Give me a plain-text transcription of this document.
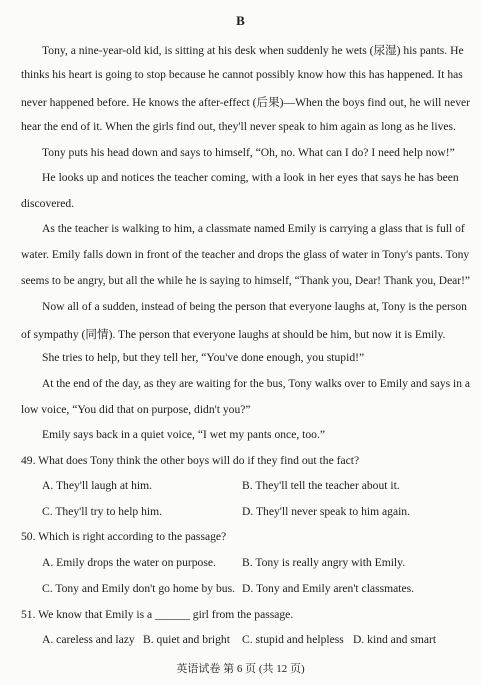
B
Tony, a nine-year-old kid, is sitting at his desk when suddenly he wets (尿湿) his pants. He
thinks his heart is going to stop because he cannot possibly know how this has happened. It has
never happened before. He knows the after-effect (后果)—When the boys find out, he will never
hear the end of it. When the girls find out, they'll never speak to him again as long as he lives.
Tony puts his head down and says to himself, “Oh, no. What can I do? I need help now!”
He looks up and notices the teacher coming, with a look in her eyes that says he has been
discovered.
As the teacher is walking to him, a classmate named Emily is carrying a glass that is full of
water. Emily falls down in front of the teacher and drops the glass of water in Tony's pants. Tony
seems to be angry, but all the while he is saying to himself, “Thank you, Dear! Thank you, Dear!”
Now all of a sudden, instead of being the person that everyone laughs at, Tony is the person
of sympathy (同情). The person that everyone laughs at should be him, but now it is Emily.
She tries to help, but they tell her, “You've done enough, you stupid!”
At the end of the day, as they are waiting for the bus, Tony walks over to Emily and says in a
low voice, “You did that on purpose, didn't you?”
Emily says back in a quiet voice, “I wet my pants once, too.”
49. What does Tony think the other boys will do if they find out the fact?
A. They'll laugh at him.	B. They'll tell the teacher about it.
C. They'll try to help him.	D. They'll never speak to him again.
50. Which is right according to the passage?
A. Emily drops the water on purpose. B. Tony is really angry with Emily.
C. Tony and Emily don't go home by bus. D. Tony and Emily aren't classmates.
51. We know that Emily is a ______ girl from the passage.
A. careless and lazy B. quiet and bright C. stupid and helpless D. kind and smart
英语试卷 第 6 页 (共 12 页)
